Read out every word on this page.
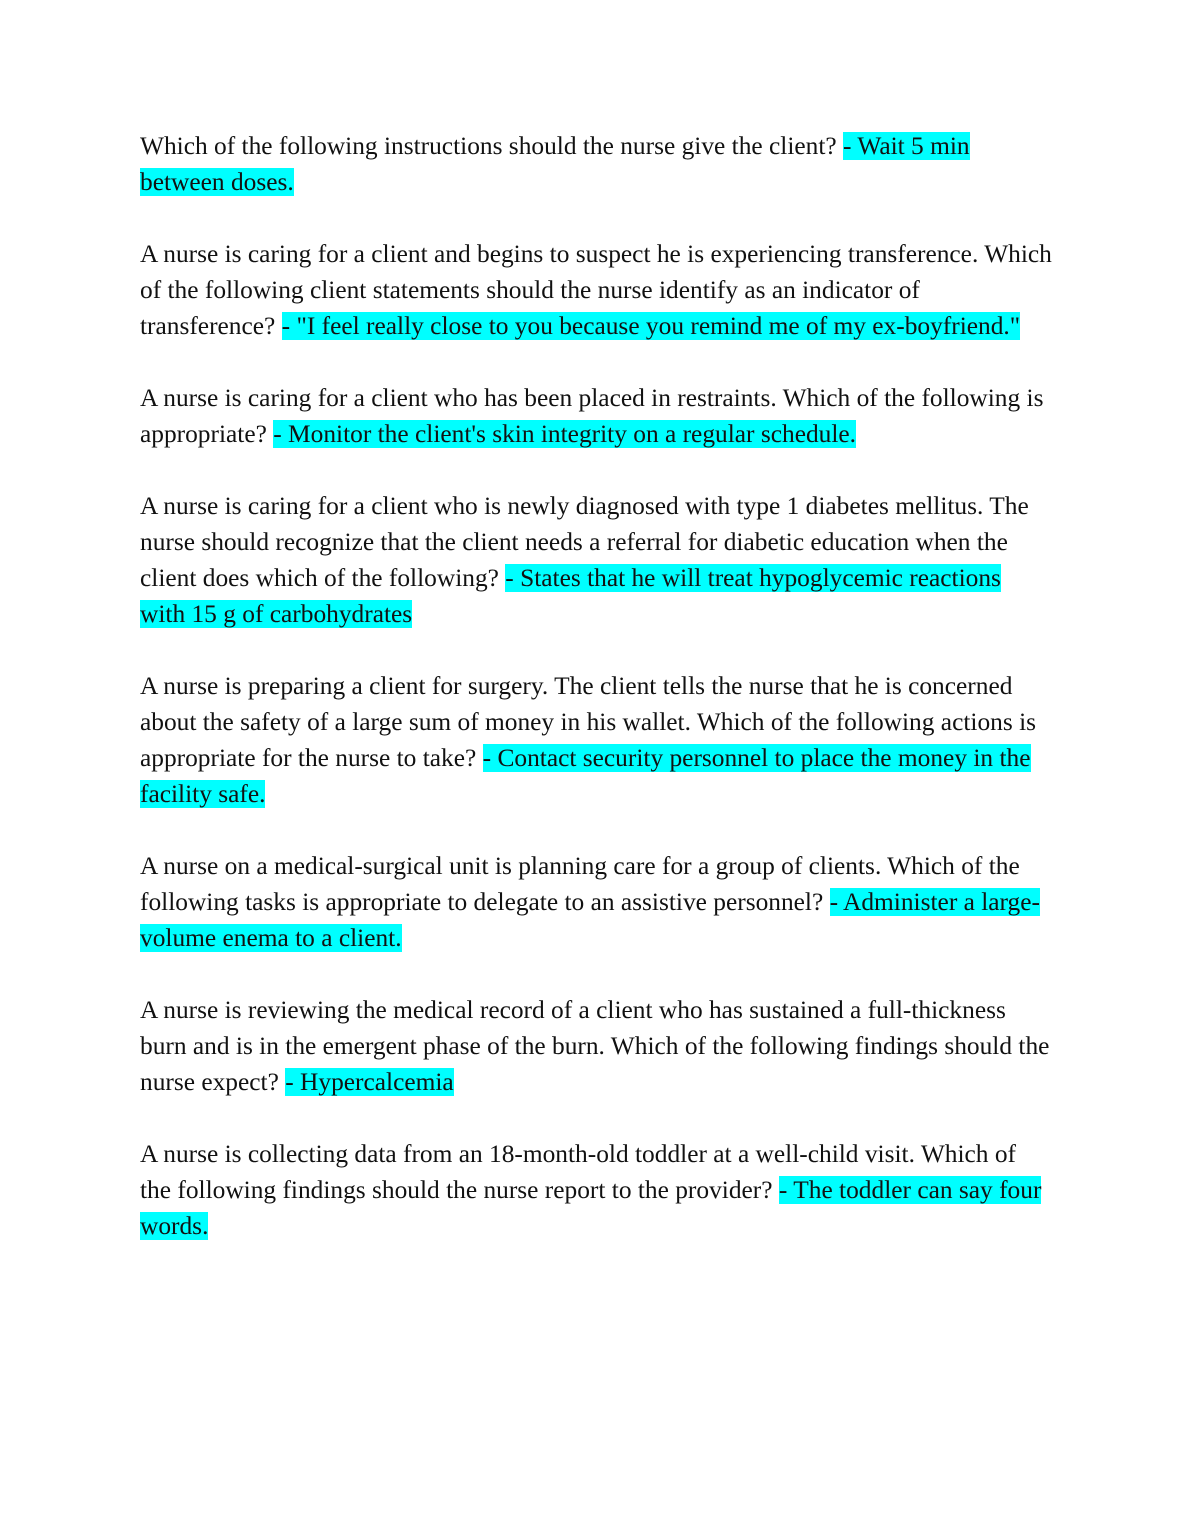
Which of the following instructions should the nurse give the client? - Wait 5 min between doses.

A nurse is caring for a client and begins to suspect he is experiencing transference. Which of the following client statements should the nurse identify as an indicator of transference? - "I feel really close to you because you remind me of my ex-boyfriend."

A nurse is caring for a client who has been placed in restraints. Which of the following is appropriate? - Monitor the client's skin integrity on a regular schedule.

A nurse is caring for a client who is newly diagnosed with type 1 diabetes mellitus. The nurse should recognize that the client needs a referral for diabetic education when the client does which of the following? - States that he will treat hypoglycemic reactions with 15 g of carbohydrates

A nurse is preparing a client for surgery. The client tells the nurse that he is concerned about the safety of a large sum of money in his wallet. Which of the following actions is appropriate for the nurse to take? - Contact security personnel to place the money in the facility safe.

A nurse on a medical-surgical unit is planning care for a group of clients. Which of the following tasks is appropriate to delegate to an assistive personnel? - Administer a large-volume enema to a client.

A nurse is reviewing the medical record of a client who has sustained a full-thickness burn and is in the emergent phase of the burn. Which of the following findings should the nurse expect? - Hypercalcemia

A nurse is collecting data from an 18-month-old toddler at a well-child visit. Which of the following findings should the nurse report to the provider? - The toddler can say four words.
